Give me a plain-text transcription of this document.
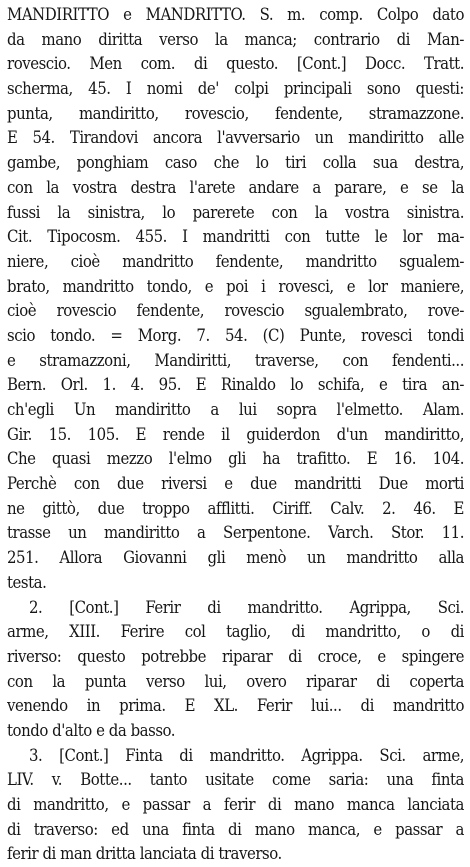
MANDIRITTO e MANDRITTO. S. m. comp. Colpo dato
da mano diritta verso la manca; contrario di Man-
rovescio. Men com. di questo. [Cont.] Docc. Tratt.
scherma, 45. I nomi de' colpi principali sono questi:
punta, mandiritto, rovescio, fendente, stramazzone.
E 54. Tirandovi ancora l'avversario un mandiritto alle
gambe, ponghiam caso che lo tiri colla sua destra,
con la vostra destra l'arete andare a parare, e se la
fussi la sinistra, lo parerete con la vostra sinistra.
Cit. Tipocosm. 455. I mandritti con tutte le lor ma-
niere, cioè mandritto fendente, mandritto sgualem-
brato, mandritto tondo, e poi i rovesci, e lor maniere,
cioè rovescio fendente, rovescio sgualembrato, rove-
scio tondo. = Morg. 7. 54. (C) Punte, rovesci tondi
e stramazzoni, Mandiritti, traverse, con fendenti...
Bern. Orl. 1. 4. 95. E Rinaldo lo schifa, e tira an-
ch'egli Un mandiritto a lui sopra l'elmetto. Alam.
Gir. 15. 105. E rende il guiderdon d'un mandiritto,
Che quasi mezzo l'elmo gli ha trafitto. E 16. 104.
Perchè con due riversi e due mandritti Due morti
ne gittò, due troppo afflitti. Ciriff. Calv. 2. 46. E
trasse un mandiritto a Serpentone. Varch. Stor. 11.
251. Allora Giovanni gli menò un mandritto alla
testa.
2. [Cont.] Ferir di mandritto. Agrippa, Sci.
arme, XIII. Ferire col taglio, di mandritto, o di
riverso: questo potrebbe riparar di croce, e spingere
con la punta verso lui, overo riparar di coperta
venendo in prima. E XL. Ferir lui... di mandritto
tondo d'alto e da basso.
3. [Cont.] Finta di mandritto. Agrippa. Sci. arme,
LIV. v. Botte... tanto usitate come saria: una finta
di mandritto, e passar a ferir di mano manca lanciata
di traverso: ed una finta di mano manca, e passar a
ferir di man dritta lanciata di traverso.
